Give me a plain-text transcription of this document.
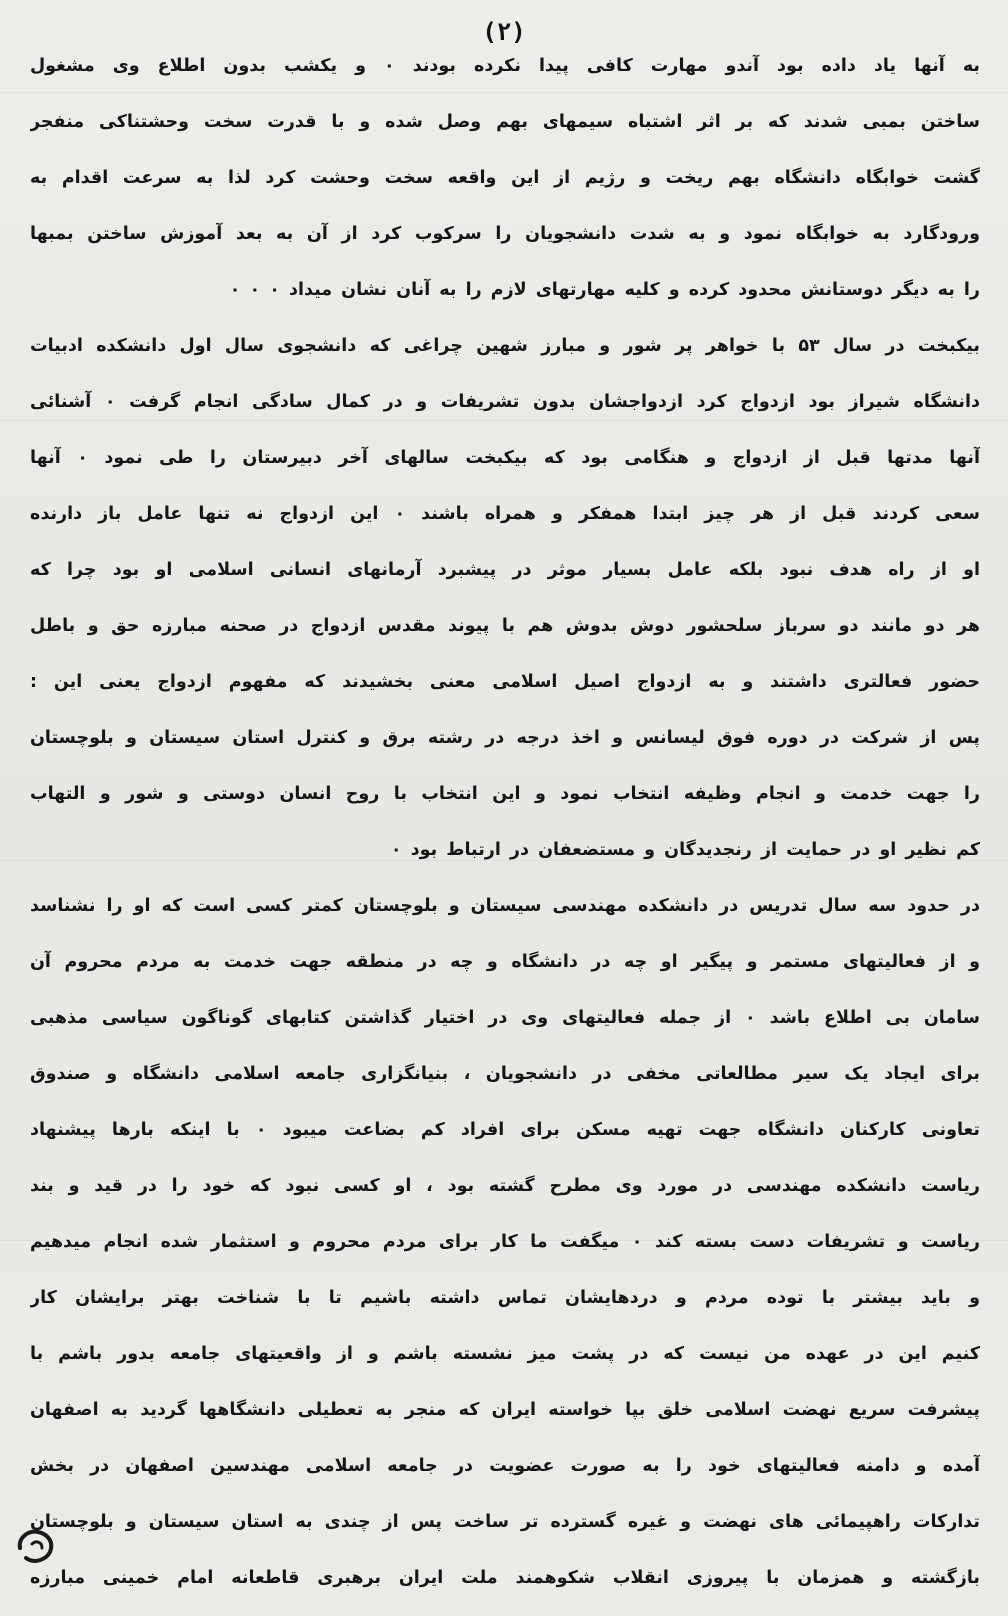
(۲)
به آنها یاد داده بود آندو مهارت کافی پیدا نکرده بودند ۰ و یکشب بدون اطلاع وی مشغول
ساختن بمبی شدند که بر اثر اشتباه سیمهای بهم وصل شده و با قدرت سخت وحشتناکی منفجر
گشت خوابگاه دانشگاه بهم ریخت و رژیم از این واقعه سخت وحشت کرد لذا به سرعت اقدام به
ورودگارد به خوابگاه نمود و به شدت دانشجویان را سرکوب کرد از آن به بعد آموزش ساختن بمبها
را به دیگر دوستانش محدود کرده و کلیه مهارتهای لازم را به آنان نشان میداد ۰ ۰ ۰
بیکبخت در سال ۵۳ با خواهر پر شور و مبارز شهین چراغی که دانشجوی سال اول دانشکده ادبیات
دانشگاه شیراز بود ازدواج کرد ازدواجشان بدون تشریفات و در کمال سادگی انجام گرفت ۰ آشنائی
آنها مدتها قبل از ازدواج و هنگامی بود که بیکبخت سالهای آخر دبیرستان را طی نمود ۰ آنها
سعی کردند قبل از هر چیز ابتدا همفکر و همراه باشند ۰ این ازدواج نه تنها عامل باز دارنده
او از راه هدف نبود بلکه عامل بسیار موثر در پیشبرد آرمانهای انسانی اسلامی او بود چرا که
هر دو مانند دو سرباز سلحشور دوش بدوش هم با پیوند مقدس ازدواج در صحنه مبارزه حق و باطل
حضور فعالتری داشتند و به ازدواج اصیل اسلامی معنی بخشیدند که مفهوم ازدواج یعنی این :
پس از شرکت در دوره فوق لیسانس و اخذ درجه در رشته برق و کنترل استان سیستان و بلوچستان
را جهت خدمت و انجام وظیفه انتخاب نمود و این انتخاب با روح انسان دوستی و شور و التهاب
کم نظیر او در حمایت از رنجدیدگان و مستضعفان در ارتباط بود ۰
در حدود سه سال تدریس در دانشکده مهندسی سیستان و بلوچستان کمتر کسی است که او را نشناسد
و از فعالیتهای مستمر و پیگیر او چه در دانشگاه و چه در منطقه جهت خدمت به مردم محروم آن
سامان بی اطلاع باشد ۰ از جمله فعالیتهای وی در اختیار گذاشتن کتابهای گوناگون سیاسی مذهبی
برای ایجاد یک سیر مطالعاتی مخفی در دانشجویان ، بنیانگزاری جامعه اسلامی دانشگاه و صندوق
تعاونی کارکنان دانشگاه جهت تهیه مسکن برای افراد کم بضاعت میبود ۰ با اینکه بارها پیشنهاد
ریاست دانشکده مهندسی در مورد وی مطرح گشته بود ، او کسی نبود که خود را در قید و بند
ریاست و تشریفات دست بسته کند ۰ میگفت ما کار برای مردم محروم و استثمار شده انجام میدهیم
و باید بیشتر با توده مردم و دردهایشان تماس داشته باشیم تا با شناخت بهتر برایشان کار
کنیم این در عهده من نیست که در پشت میز نشسته باشم و از واقعیتهای جامعه بدور باشم با
پیشرفت سریع نهضت اسلامی خلق بپا خواسته ایران که منجر به تعطیلی دانشگاهها گردید به اصفهان
آمده و دامنه فعالیتهای خود را به صورت عضویت در جامعه اسلامی مهندسین اصفهان در بخش
تدارکات راهپیمائی های نهضت و غیره گسترده تر ساخت پس از چندی به استان سیستان و بلوچستان
بازگشته و همزمان با پیروزی انقلاب شکوهمند ملت ایران برهبری قاطعانه امام خمینی مبارزه
